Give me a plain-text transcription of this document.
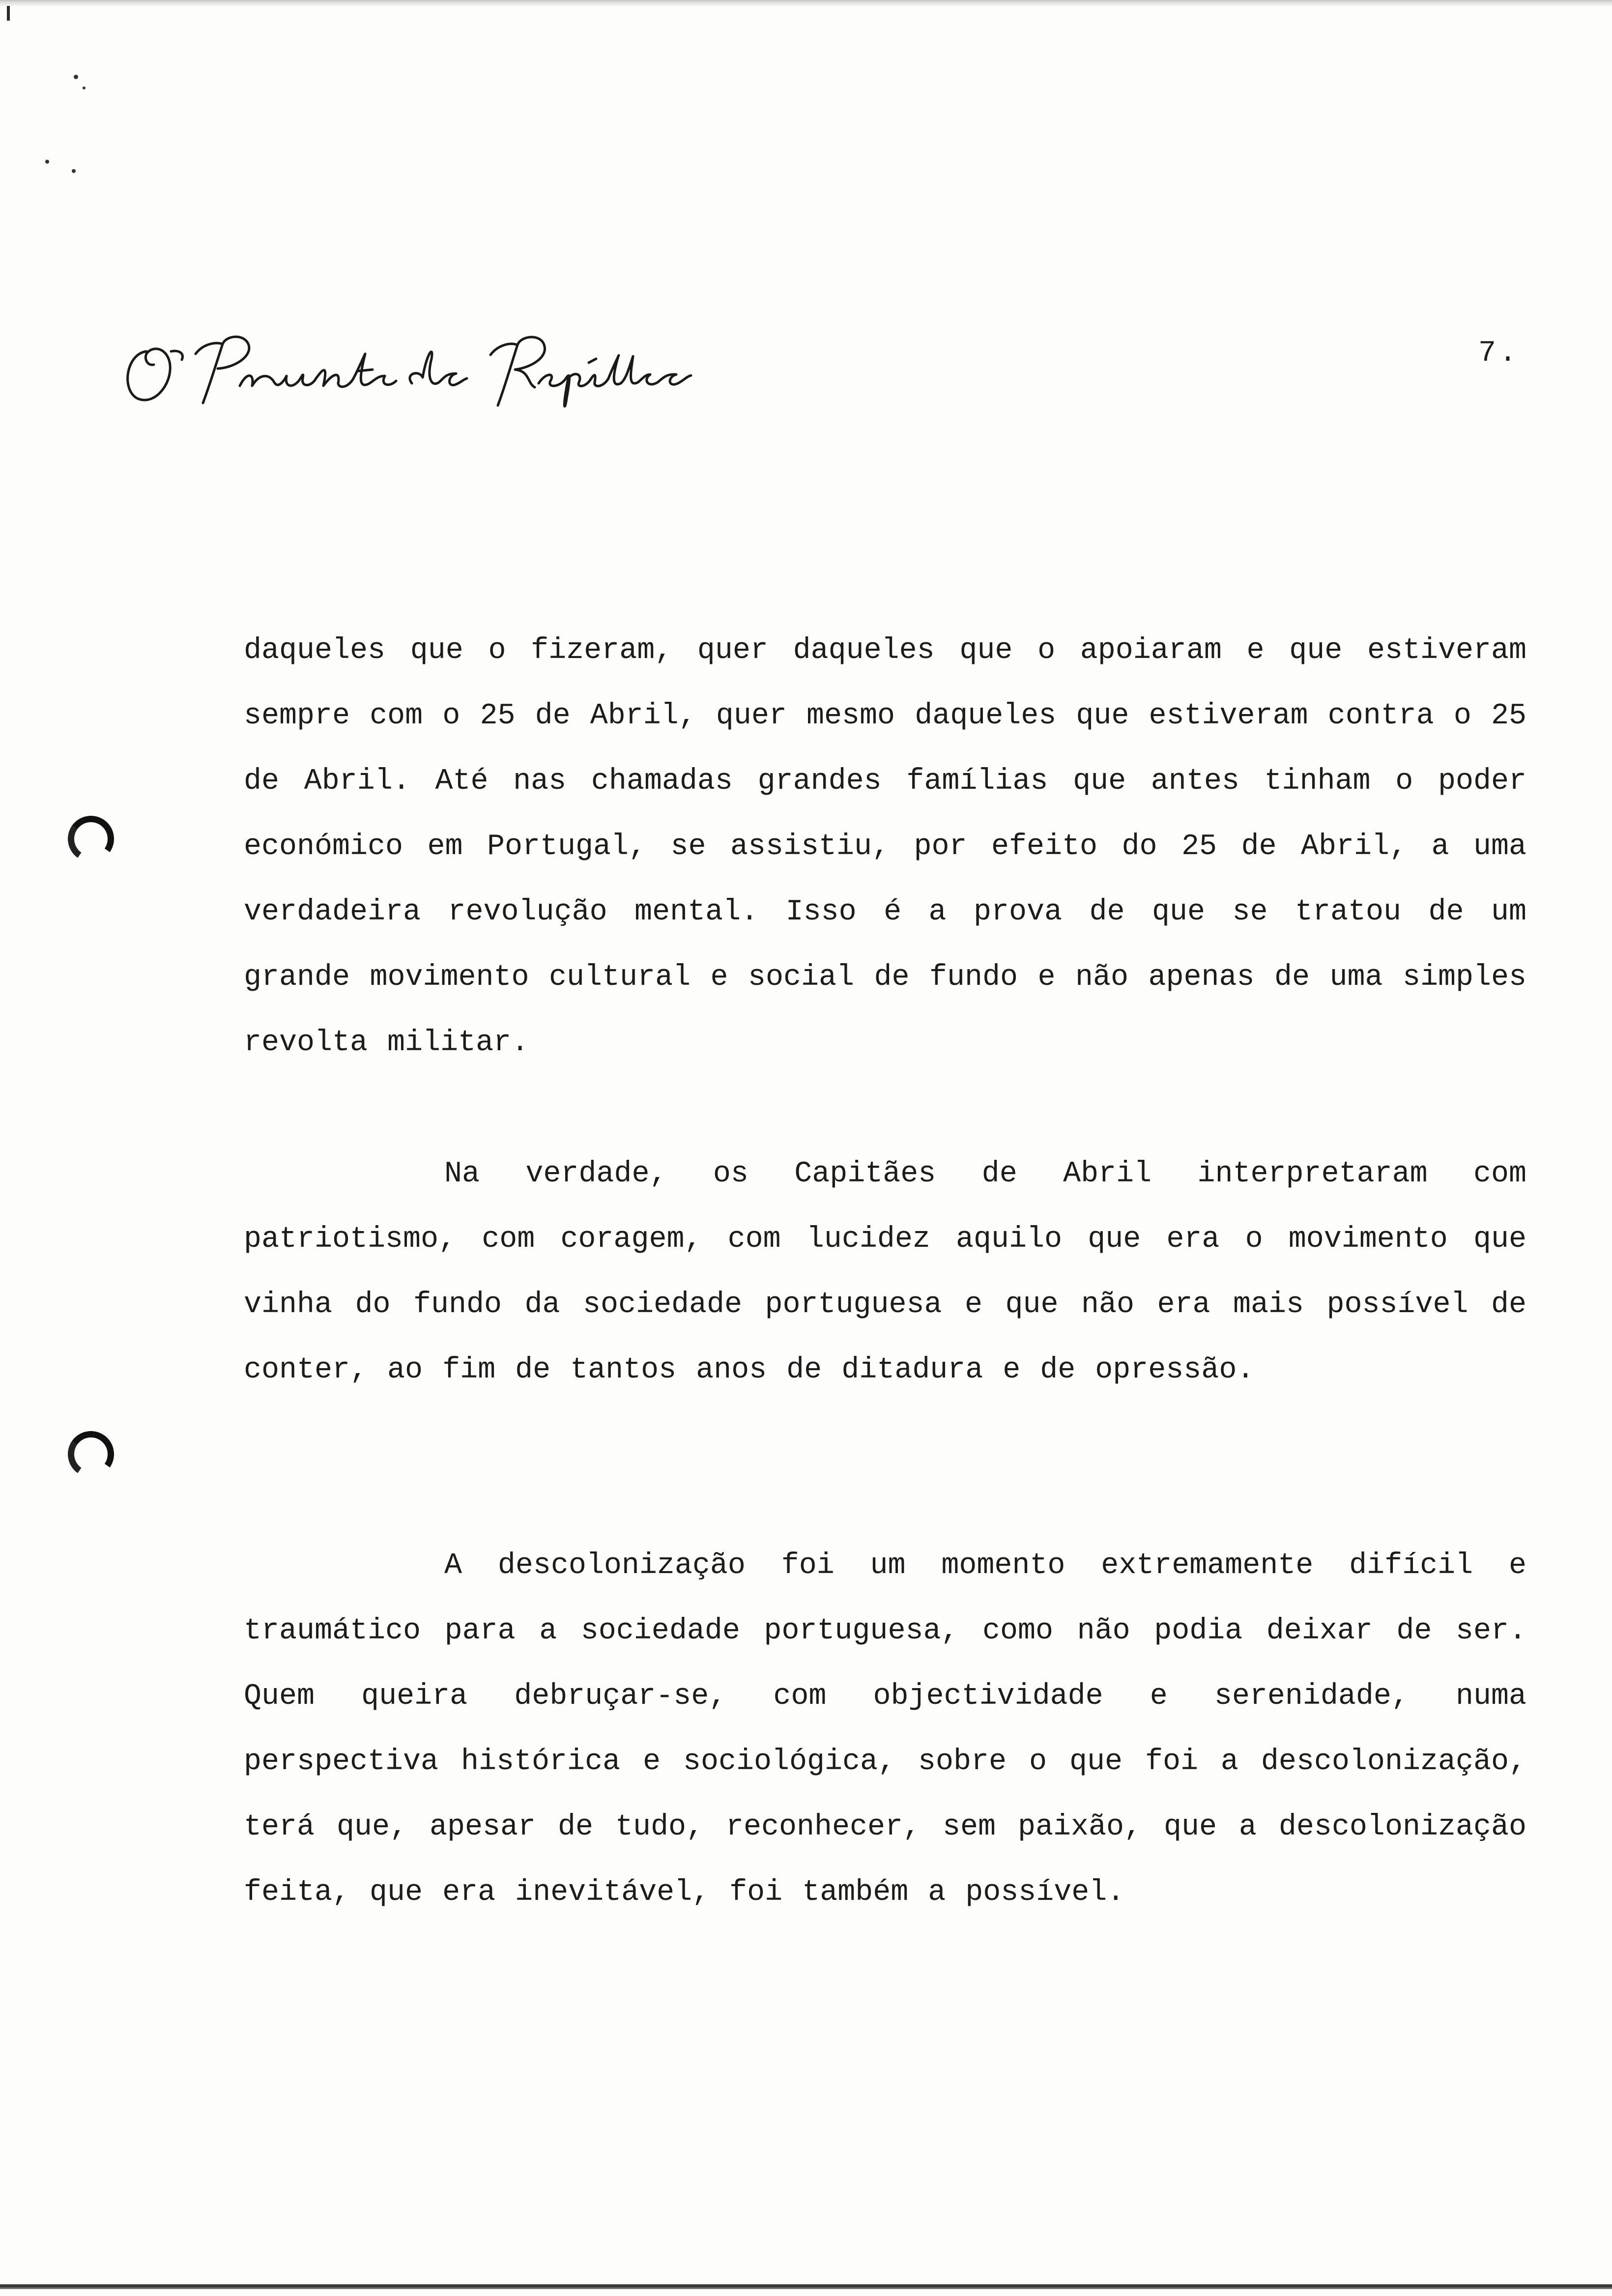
7.
daqueles que o fizeram, quer daqueles que o apoiaram e que estiveram sempre com o 25 de Abril, quer mesmo daqueles que estiveram contra o 25 de Abril. Até nas chamadas grandes famílias que antes tinham o poder económico em Portugal, se assistiu, por efeito do 25 de Abril, a uma verdadeira revolução mental. Isso é a prova de que se tratou de um grande movimento cultural e social de fundo e não apenas de uma simples revolta militar.
Na verdade, os Capitães de Abril interpretaram com patriotismo, com coragem, com lucidez aquilo que era o movimento que vinha do fundo da sociedade portuguesa e que não era mais possível de conter, ao fim de tantos anos de ditadura e de opressão.
A descolonização foi um momento extremamente difícil e traumático para a sociedade portuguesa, como não podia deixar de ser. Quem queira debruçar-se, com objectividade e serenidade, numa perspectiva histórica e sociológica, sobre o que foi a descolonização, terá que, apesar de tudo, reconhecer, sem paixão, que a descolonização feita, que era inevitável, foi também a possível.
